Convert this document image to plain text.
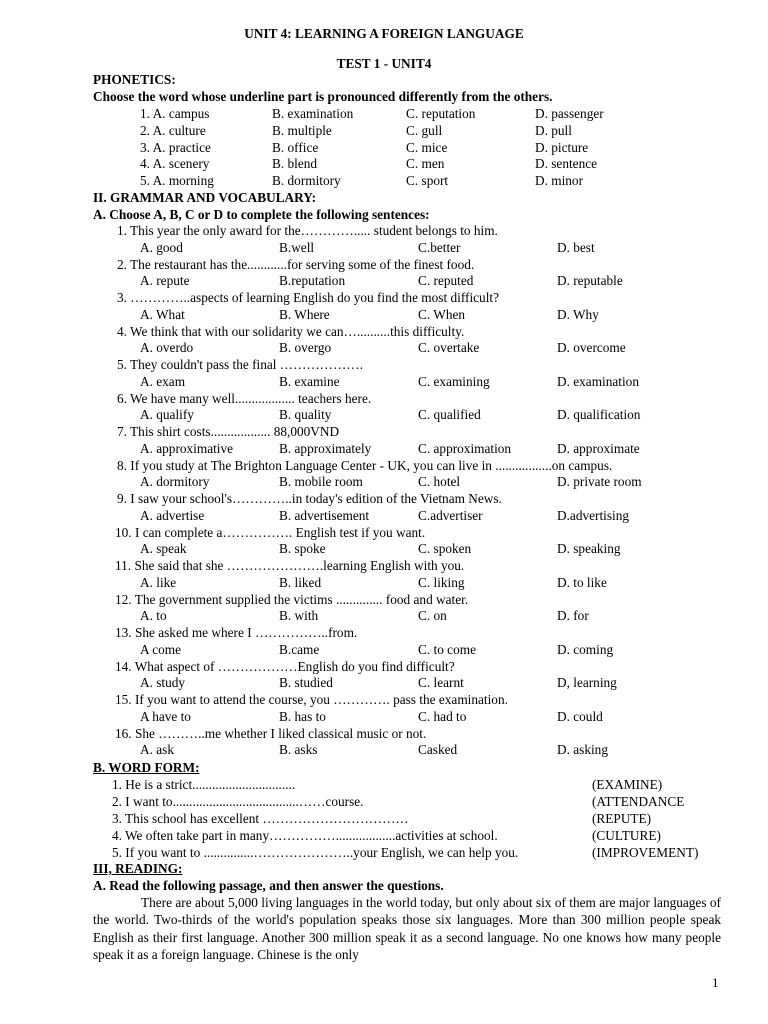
UNIT 4: LEARNING A FOREIGN LANGUAGE
TEST 1 - UNIT4
PHONETICS:
Choose the word whose underline part is pronounced differently from the others.
1. A. campus	B. examination	C. reputation	D. passenger
2. A. culture	B. multiple	C. gull	D. pull
3. A. practice	B. office	C. mice	D. picture
4. A. scenery	B. blend	C. men	D. sentence
5. A. morning	B. dormitory	C. sport	D. minor
II. GRAMMAR AND VOCABULARY:
A. Choose A, B, C or D to complete the following sentences:
1. This year the only award for the…………..... student belongs to him.
A. good	B.well	C.better	D. best
2. The restaurant has the............for serving some of the finest food.
A. repute	B.reputation	C. reputed	D. reputable
3. …………..aspects of learning English do you find the most difficult?
A. What	B. Where	C. When	D. Why
4. We think that with our solidarity we can…..........this difficulty.
A. overdo	B. overgo	C. overtake	D. overcome
5. They couldn't pass the final ……………….
A. exam	B. examine	C. examining	D. examination
6. We have many well.................. teachers here.
A. qualify	B. quality	C. qualified	D. qualification
7. This shirt costs.................. 88,000VND
A. approximative	B. approximately	C. approximation	D. approximate
8. If you study at The Brighton Language Center - UK, you can live in .................on campus.
A. dormitory	B. mobile room	C. hotel	D. private room
9. I saw your school's…………..in today's edition of the Vietnam News.
A. advertise	B. advertisement	C.advertiser	D.advertising
10. I can complete a……………. English test if you want.
A. speak	B. spoke	C. spoken	D. speaking
11. She said that she ………………….learning English with you.
A. like	B. liked	C. liking	D. to like
12. The government supplied the victims .............. food and water.
A. to	B. with	C. on	D. for
13. She asked me where I ……………..from.
A come	B.came	C. to come	D. coming
14. What aspect of ………………English do you find difficult?
A. study	B. studied	C. learnt	D, learning
15. If you want to attend the course, you …………. pass the examination.
A have to	B. has to	C. had to	D. could
16. She ………..me whether I liked classical music or not.
A. ask	B. asks	Casked	D. asking
B. WORD FORM:
1. He is a strict...............................	(EXAMINE)
2. I want to......................................……course.	(ATTENDANCE
3. This school has excellent ……………………………	(REPUTE)
4. We often take part in many……………..................activities at school.	(CULTURE)
5. If you want to ...............…………………..your English, we can help you.	(IMPROVEMENT)
III, READING:
A. Read the following passage, and then answer the questions.
There are about 5,000 living languages in the world today, but only about six of them are major languages of the world. Two-thirds of the world's population speaks those six languages. More than 300 million people speak English as their first language. Another 300 million speak it as a second language. No one knows how many people speak it as a foreign language. Chinese is the only
1
